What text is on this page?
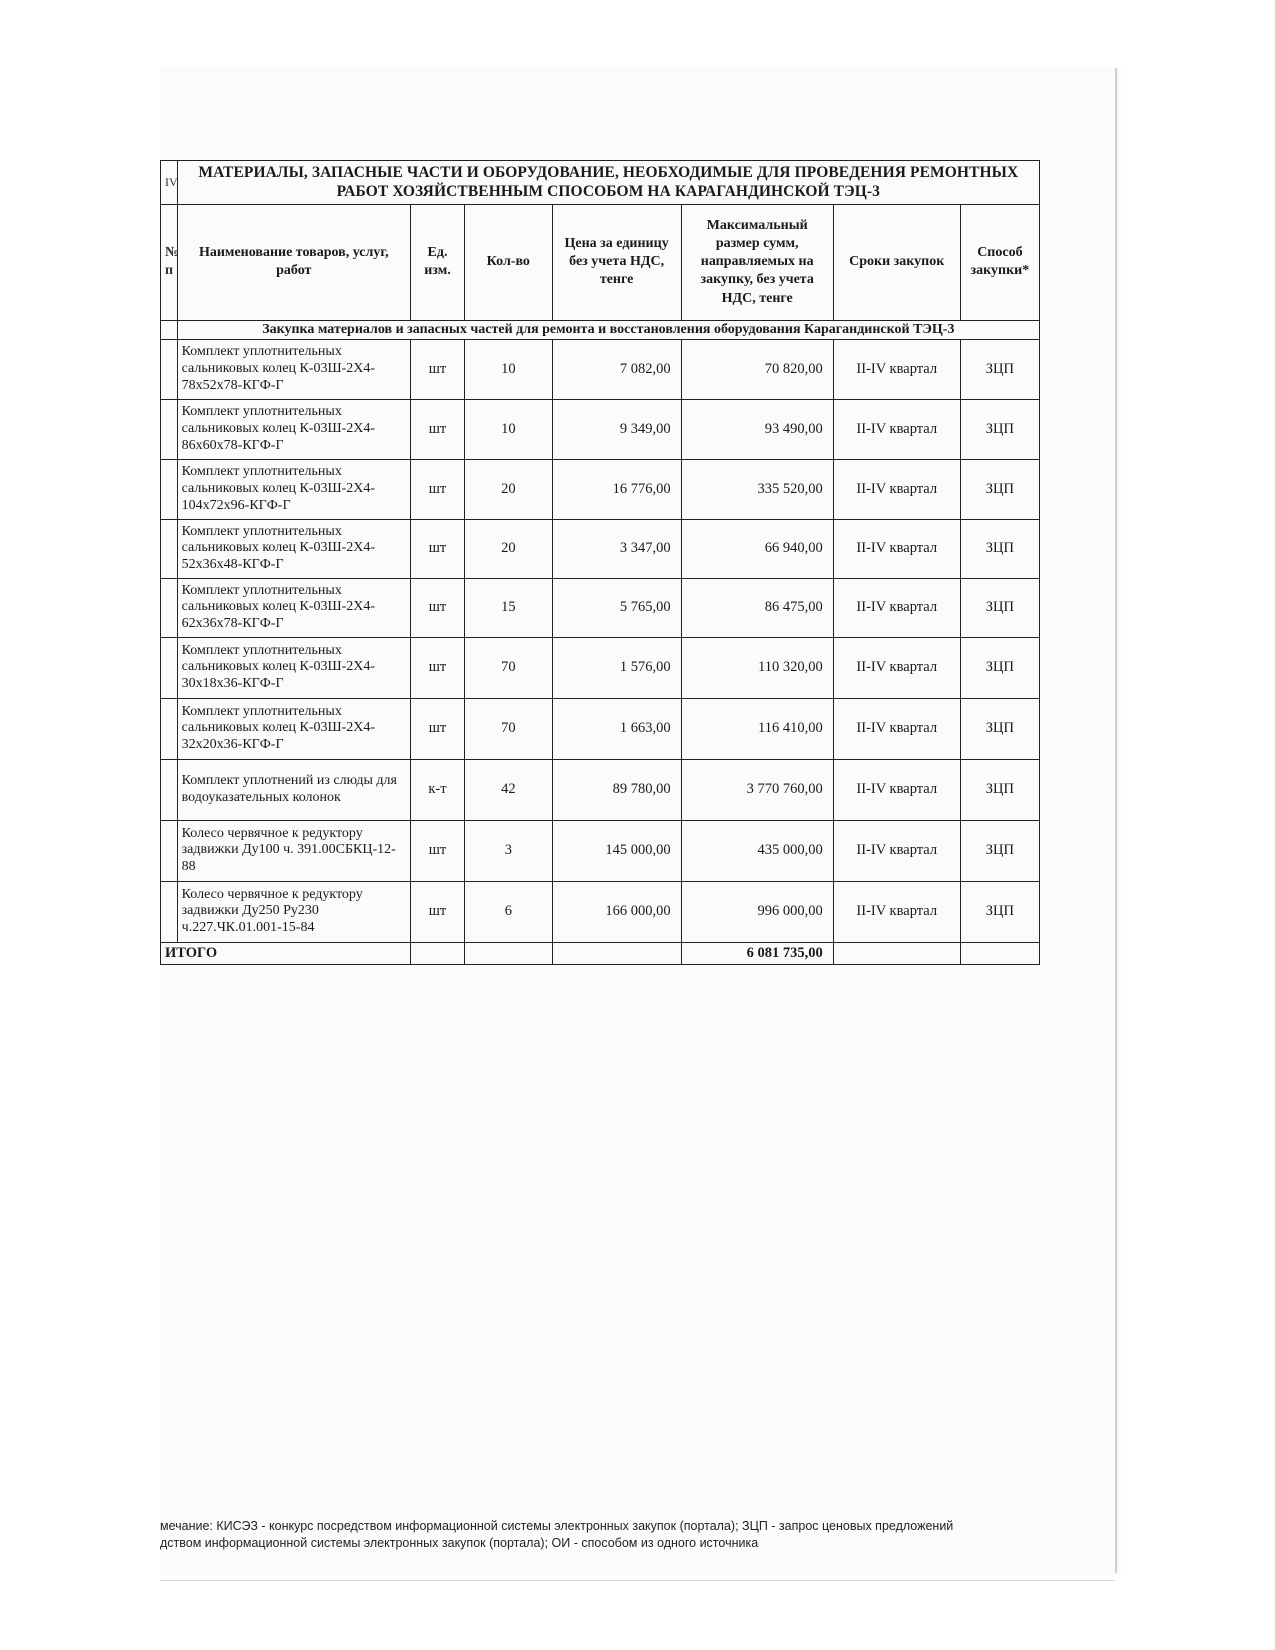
IV	МАТЕРИАЛЫ, ЗАПАСНЫЕ ЧАСТИ И ОБОРУДОВАНИЕ, НЕОБХОДИМЫЕ ДЛЯ ПРОВЕДЕНИЯ РЕМОНТНЫХ РАБОТ ХОЗЯЙСТВЕННЫМ СПОСОБОМ НА КАРАГАНДИНСКОЙ ТЭЦ-3						
№ п	Наименование товаров, услуг, работ	Ед. изм.	Кол-во	Цена за единицу без учета НДС, тенге	Максимальный размер сумм, направляемых на закупку, без учета НДС, тенге	Сроки закупок	Способ закупки*
	Закупка материалов и запасных частей для ремонта и восстановления оборудования Карагандинской ТЭЦ-3						
	Комплект уплотнительных сальниковых колец К-03Ш-2Х4-78х52х78-КГФ-Г	шт	10	7 082,00	70 820,00	II-IV квартал	ЗЦП
	Комплект уплотнительных сальниковых колец К-03Ш-2Х4-86х60х78-КГФ-Г	шт	10	9 349,00	93 490,00	II-IV квартал	ЗЦП
	Комплект уплотнительных сальниковых колец К-03Ш-2Х4-104х72х96-КГФ-Г	шт	20	16 776,00	335 520,00	II-IV квартал	ЗЦП
	Комплект уплотнительных сальниковых колец К-03Ш-2Х4-52х36х48-КГФ-Г	шт	20	3 347,00	66 940,00	II-IV квартал	ЗЦП
	Комплект уплотнительных сальниковых колец К-03Ш-2Х4-62х36х78-КГФ-Г	шт	15	5 765,00	86 475,00	II-IV квартал	ЗЦП
	Комплект уплотнительных сальниковых колец К-03Ш-2Х4-30х18х36-КГФ-Г	шт	70	1 576,00	110 320,00	II-IV квартал	ЗЦП
	Комплект уплотнительных сальниковых колец К-03Ш-2Х4-32х20х36-КГФ-Г	шт	70	1 663,00	116 410,00	II-IV квартал	ЗЦП
	Комплект уплотнений из слюды для водоуказательных колонок	к-т	42	89 780,00	3 770 760,00	II-IV квартал	ЗЦП
	Колесо червячное к редуктору задвижки Ду100 ч. 391.00СБКЦ-12-88	шт	3	145 000,00	435 000,00	II-IV квартал	ЗЦП
	Колесо червячное к редуктору задвижки Ду250 Ру230 ч.227.ЧК.01.001-15-84	шт	6	166 000,00	996 000,00	II-IV квартал	ЗЦП
ИТОГО					6 081 735,00		
мечание: КИСЭЗ - конкурс посредством информационной системы электронных закупок (портала); ЗЦП - запрос ценовых предложений
дством информационной системы электронных закупок (портала); ОИ - способом из одного источника
